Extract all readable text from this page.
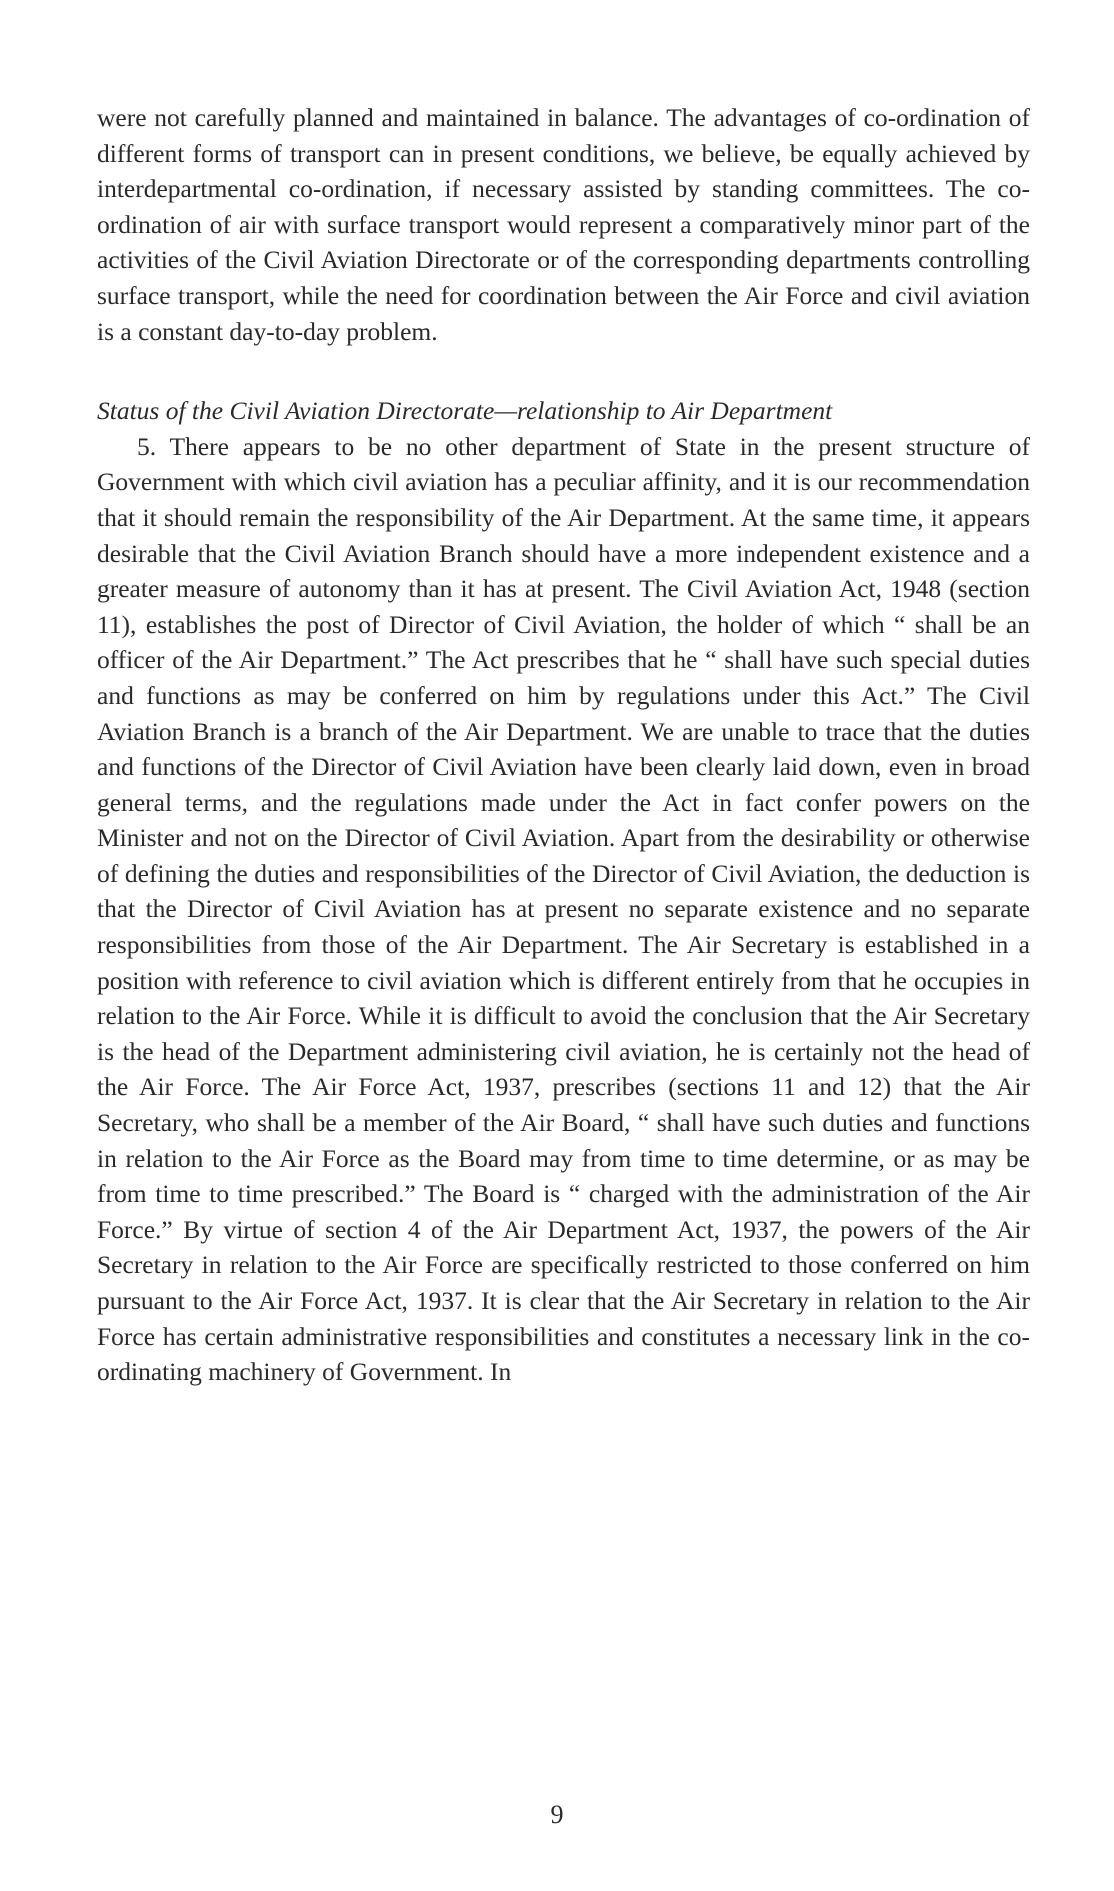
were not carefully planned and maintained in balance. The advantages of co-ordination of different forms of transport can in present conditions, we believe, be equally achieved by interdepartmental co-ordination, if necessary assisted by standing committees. The co-ordination of air with surface transport would represent a comparatively minor part of the activities of the Civil Aviation Directorate or of the corresponding departments controlling surface transport, while the need for coordination between the Air Force and civil aviation is a constant day-to-day problem.

Status of the Civil Aviation Directorate—relationship to Air Department

5. There appears to be no other department of State in the present structure of Government with which civil aviation has a peculiar affinity, and it is our recommendation that it should remain the responsibility of the Air Department. At the same time, it appears desirable that the Civil Aviation Branch should have a more independent existence and a greater measure of autonomy than it has at present. The Civil Aviation Act, 1948 (section 11), establishes the post of Director of Civil Aviation, the holder of which “ shall be an officer of the Air Department.” The Act prescribes that he “ shall have such special duties and functions as may be conferred on him by regulations under this Act.” The Civil Aviation Branch is a branch of the Air Department. We are unable to trace that the duties and functions of the Director of Civil Aviation have been clearly laid down, even in broad general terms, and the regulations made under the Act in fact confer powers on the Minister and not on the Director of Civil Aviation. Apart from the desirability or otherwise of defining the duties and responsibilities of the Director of Civil Aviation, the deduction is that the Director of Civil Aviation has at present no separate existence and no separate responsibilities from those of the Air Department. The Air Secretary is established in a position with reference to civil aviation which is different entirely from that he occupies in relation to the Air Force. While it is difficult to avoid the conclusion that the Air Secretary is the head of the Department administering civil aviation, he is certainly not the head of the Air Force. The Air Force Act, 1937, prescribes (sections 11 and 12) that the Air Secretary, who shall be a member of the Air Board, “ shall have such duties and functions in relation to the Air Force as the Board may from time to time determine, or as may be from time to time prescribed.” The Board is “ charged with the administration of the Air Force.” By virtue of section 4 of the Air Department Act, 1937, the powers of the Air Secretary in relation to the Air Force are specifically restricted to those conferred on him pursuant to the Air Force Act, 1937. It is clear that the Air Secretary in relation to the Air Force has certain administrative responsibilities and constitutes a necessary link in the co-ordinating machinery of Government. In

9
